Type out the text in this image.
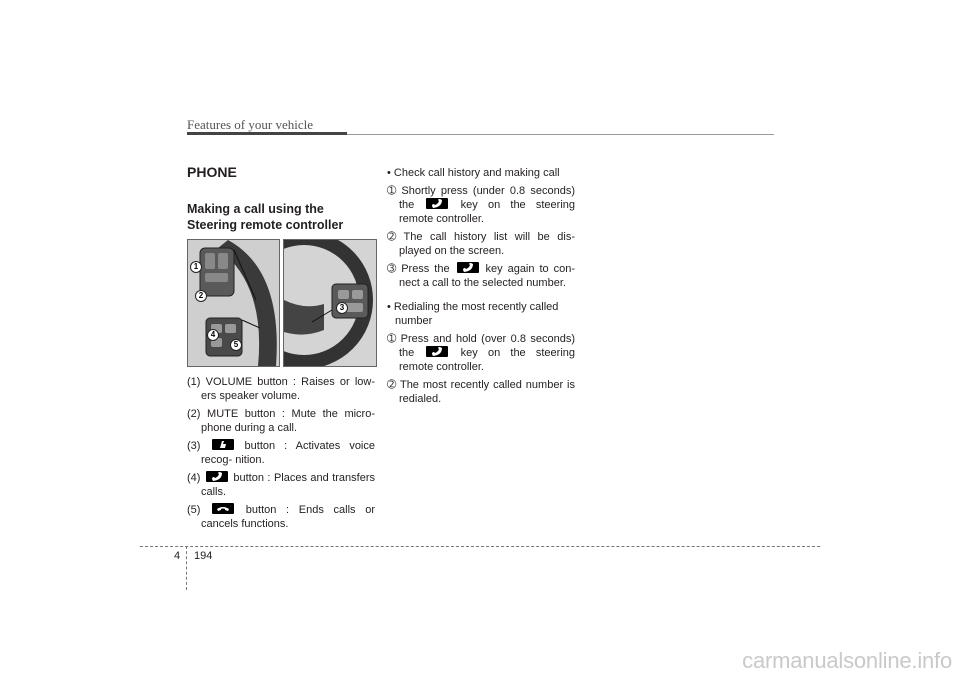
Features of your vehicle
PHONE
Making a call using the Steering remote controller
1
2
4
5
3
(1) VOLUME button : Raises or low- ers speaker volume.
(2) MUTE button : Mute the micro- phone during a call.
(3)	button : Activates voice recog- nition.
(4)	button : Places and transfers calls.
(5)	button : Ends calls or cancels functions.
• Check call history and making call
➀ Shortly press (under 0.8 seconds) the	key on the steering remote controller.
➁ The call history list will be dis- played on the screen.
➂ Press the	key again to con- nect a call to the selected number.
• Redialing the most recently called number
➀ Press and hold (over 0.8 seconds) the	key on the steering remote controller.
➁ The most recently called number is redialed.
4 194
carmanualsonline.info
